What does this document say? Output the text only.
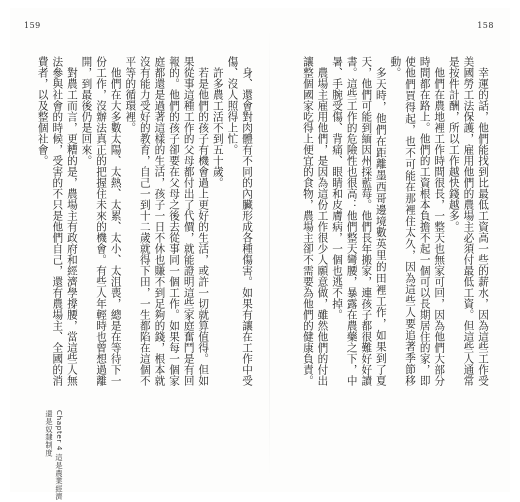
159	158

幸運的話，他們能找到比最低工資高一些的薪水，因為這些工作受美國勞工法保護，雇用他們的農場主必須付最低工資。但這些人通常是按件計酬，所以工作越快錢越多。

他們在農地裡工作時間很長，一整天也無家可回，因為他們大部分時間都在路上。他們的工資根本負擔不起一個可以長期居住的家，即使他們買得起，也不可能在那裡住太久，因為這些人要追著季節移動。

多天時，他們在距離墨西哥邊境數英里的田裡工作，如果到了夏天，他們可能到緬因州採藍莓。他們長年搬家，連孩子都很難好好讀書。這些工作的危險性也很高：他們整天彎腰，暴露在農藥之下，中暑、手腕受傷、背痛、眼睛和皮膚病，一個也逃不掉。

農場主雇用他們，是因為這份工作很少人願意做，雖然他們的付出讓整個國家吃得上便宜的食物，農場主卻不需要為他們的健康負責。

身、還會對肉體有不同的內臟形成各種傷害。如果有讓在工作中受傷、沒人照得上忙。

許多農工活不到五十歲。

若是他們的孩子有機會過上更好的生活，或許一切就算值得。但如果從事這種工作的父母都付出了代價，就能證明這些家庭奮鬥是有回報的。他們的孩子卻要在父母之後去從事同一個工作。如果每一個家庭都還是過著這樣的生活，孩子一日不休也賺不到足夠的錢，根本就沒有能力受好的教育，自己一到十二歲就得下田，一生都陷在這個不平等的循環裡。

他們在大多數太陽、太熱、太累、太小、太沮喪，總是在等待下一份工作，沒辦法真正的把握住未來的機會。有些人年輕時也曾想過離開，到最後仍是回來。

對農工而言，更糟的是，農場主有政府和經濟學撐腰，當這些人無法參與社會的時候，受害的不只是他們自己，還有農場主、全國的消費者，以及整個社會。

Chapter 4 這是農業經濟還是奴隸制度
